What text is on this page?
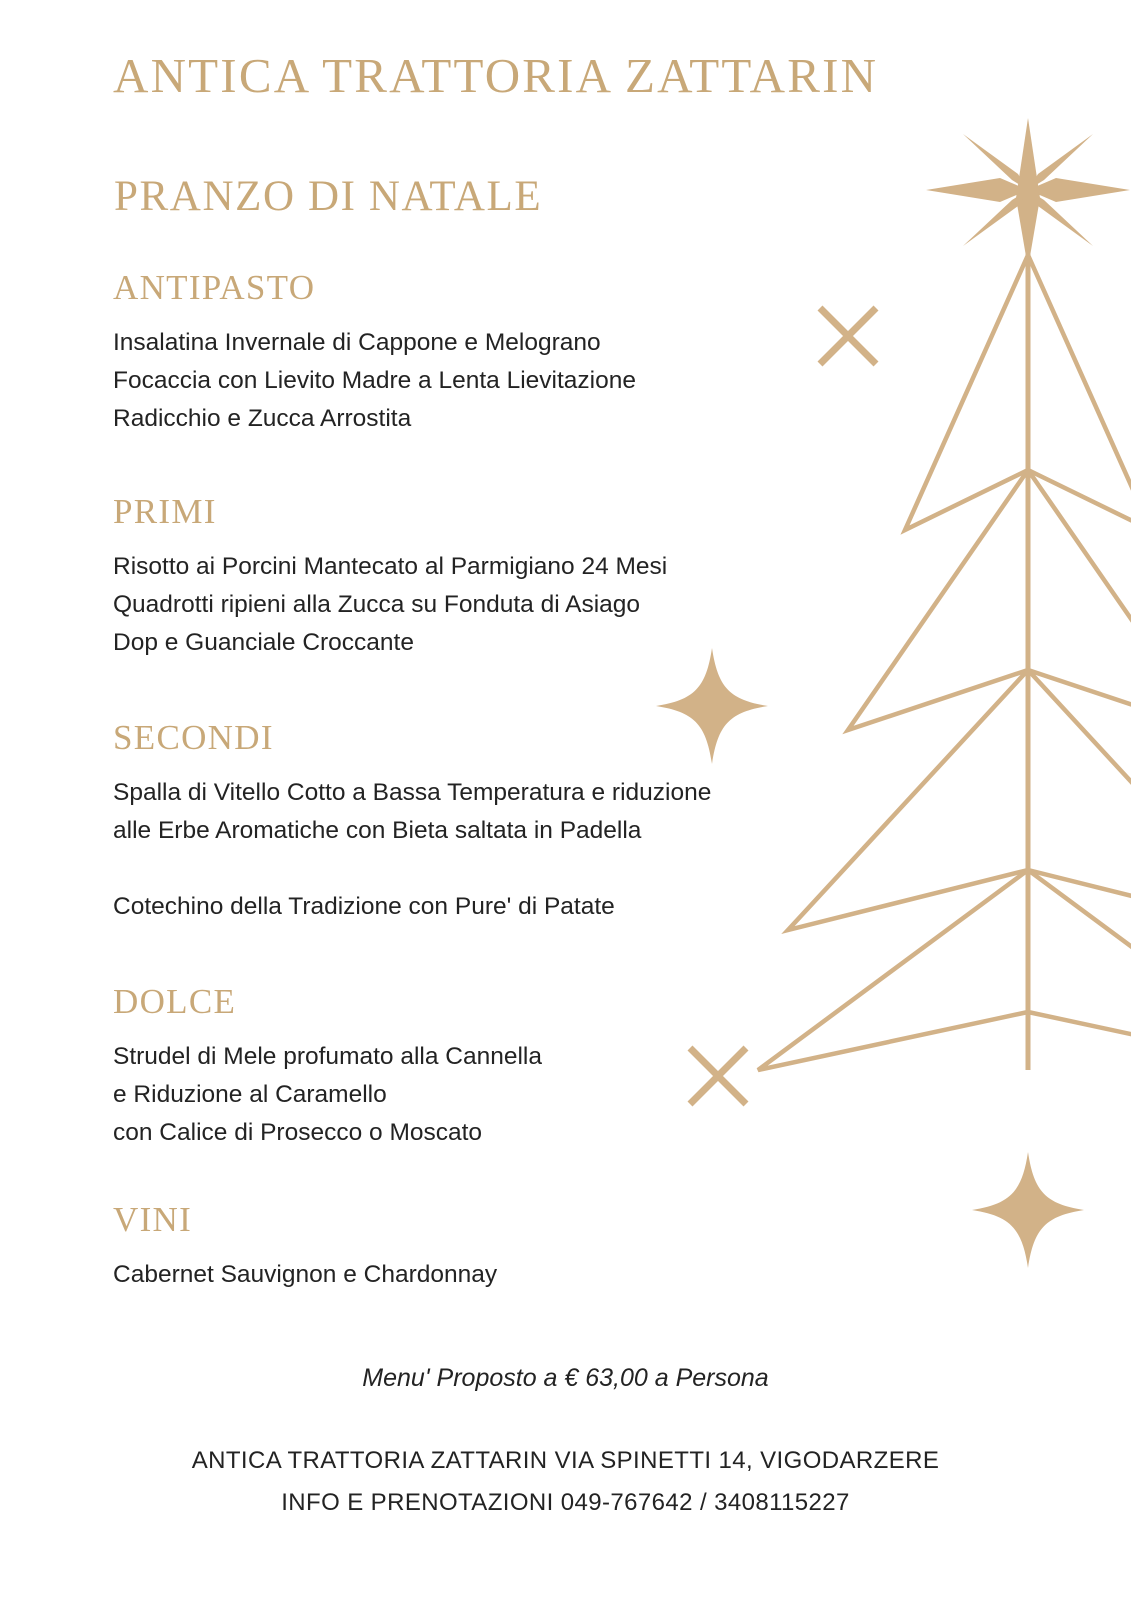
ANTICA TRATTORIA ZATTARIN
PRANZO DI NATALE
ANTIPASTO
Insalatina Invernale di Cappone e Melograno
Focaccia con Lievito Madre a Lenta Lievitazione
Radicchio e Zucca Arrostita
PRIMI
Risotto ai Porcini Mantecato al Parmigiano 24 Mesi
Quadrotti ripieni alla Zucca su Fonduta di Asiago
Dop e Guanciale Croccante
SECONDI
Spalla di Vitello Cotto a Bassa Temperatura e riduzione
alle Erbe Aromatiche con Bieta saltata in Padella
Cotechino della Tradizione con Pure' di Patate
DOLCE
Strudel di Mele profumato alla Cannella
e Riduzione al Caramello
con Calice di Prosecco o Moscato
VINI
Cabernet Sauvignon e Chardonnay
Menu' Proposto a € 63,00 a Persona
ANTICA TRATTORIA ZATTARIN VIA SPINETTI 14, VIGODARZERE
INFO E PRENOTAZIONI 049-767642 / 3408115227
